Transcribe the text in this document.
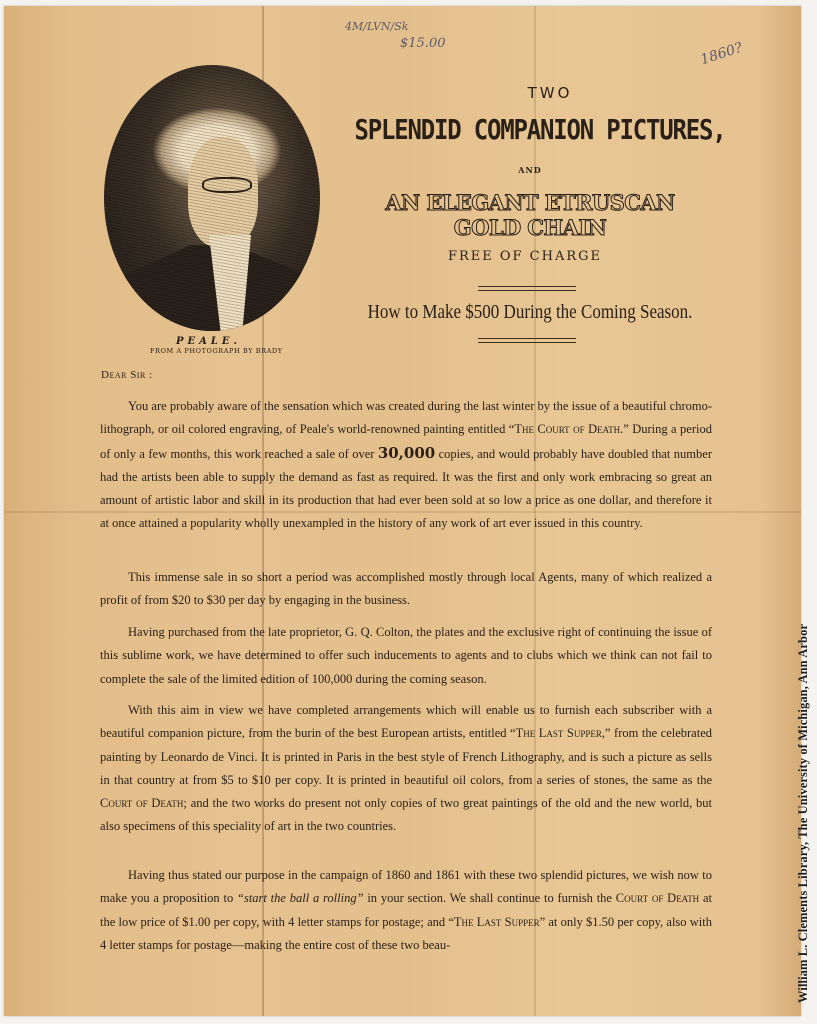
4M/LVN/Sk
$15.00	1860?
PEALE.
FROM A PHOTOGRAPH BY BRADY
TWO
SPLENDID COMPANION PICTURES,
AND
AN ELEGANT ETRUSCAN GOLD CHAIN
FREE OF CHARGE
How to Make $500 During the Coming Season.
Dear Sir :

You are probably aware of the sensation which was created during the last winter by the issue of a beautiful chromo-lithograph, or oil colored engraving, of Peale's world-renowned painting entitled “The Court of Death.” During a period of only a few months, this work reached a sale of over 30,000 copies, and would probably have doubled that number had the artists been able to supply the demand as fast as required. It was the first and only work embracing so great an amount of artistic labor and skill in its production that had ever been sold at so low a price as one dollar, and therefore it at once attained a popularity wholly unexampled in the history of any work of art ever issued in this country.

This immense sale in so short a period was accomplished mostly through local Agents, many of which realized a profit of from $20 to $30 per day by engaging in the business.

Having purchased from the late proprietor, G. Q. Colton, the plates and the exclusive right of continuing the issue of this sublime work, we have determined to offer such inducements to agents and to clubs which we think can not fail to complete the sale of the limited edition of 100,000 during the coming season.

With this aim in view we have completed arrangements which will enable us to furnish each subscriber with a beautiful companion picture, from the burin of the best European artists, entitled “The Last Supper,” from the celebrated painting by Leonardo de Vinci. It is printed in Paris in the best style of French Lithography, and is such a picture as sells in that country at from $5 to $10 per copy. It is printed in beautiful oil colors, from a series of stones, the same as the Court of Death; and the two works do present not only copies of two great paintings of the old and the new world, but also specimens of this speciality of art in the two countries.

Having thus stated our purpose in the campaign of 1860 and 1861 with these two splendid pictures, we wish now to make you a proposition to “start the ball a rolling” in your section. We shall continue to furnish the Court of Death at the low price of $1.00 per copy, with 4 letter stamps for postage; and “The Last Supper” at only $1.50 per copy, also with 4 letter stamps for postage—making the entire cost of these two beau-	William L. Clements Library, The University of Michigan, Ann Arbor
